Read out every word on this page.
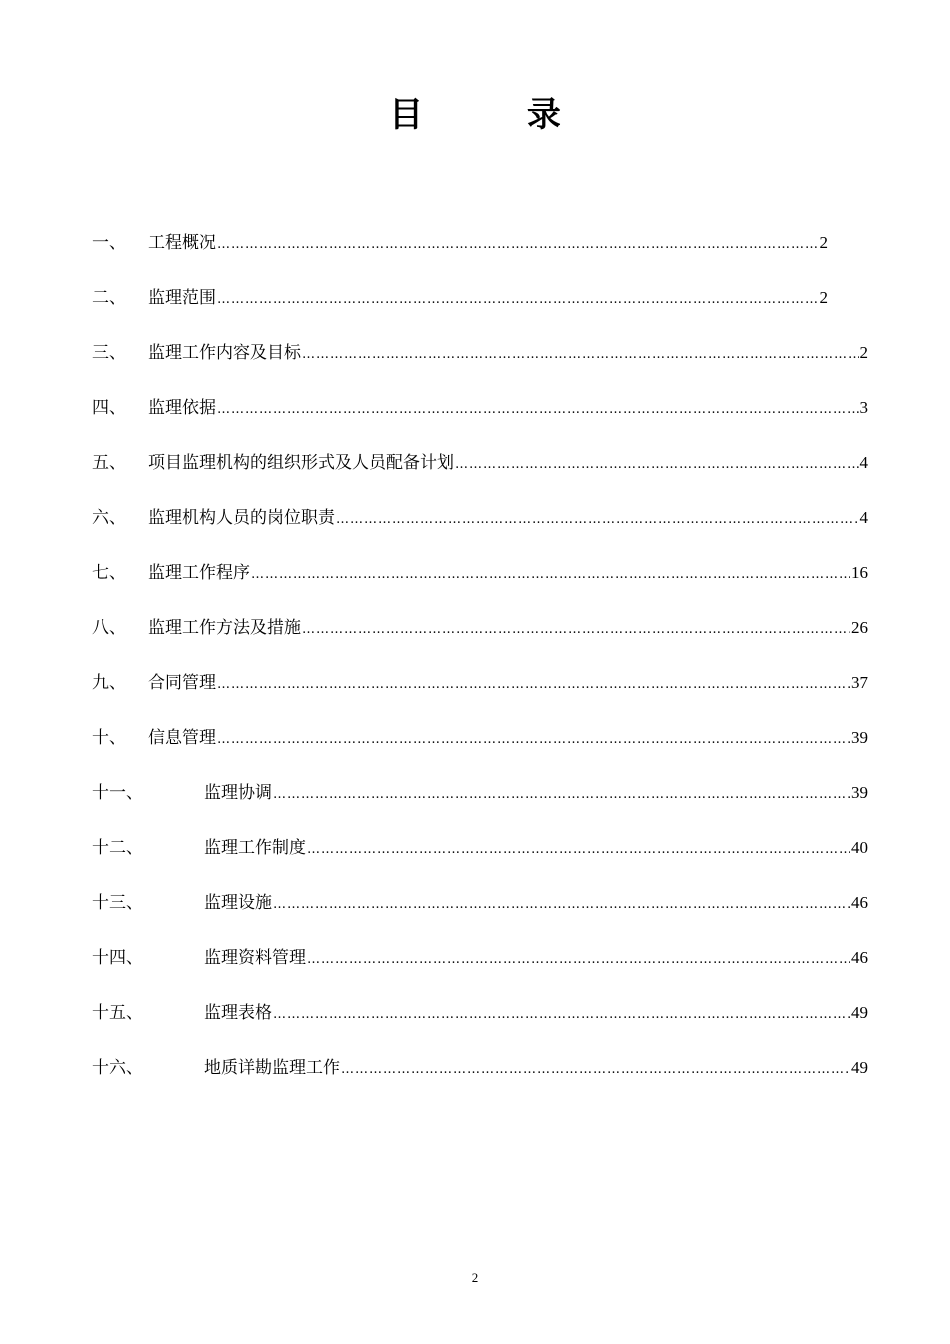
目 录
一、	工程概况 ………………………………………………………………………………………………………………………………………………………………………………	2
二、	监理范围 ………………………………………………………………………………………………………………………………………………………………………………	2
三、	监理工作内容及目标 ………………………………………………………………………………………………………………………………………………………………………………	2
四、	监理依据 ………………………………………………………………………………………………………………………………………………………………………………	3
五、	项目监理机构的组织形式及人员配备计划 ………………………………………………………………………………………………………………………………………………………………………………	4
六、	监理机构人员的岗位职责 ………………………………………………………………………………………………………………………………………………………………………………	4
七、	监理工作程序 ………………………………………………………………………………………………………………………………………………………………………………	16
八、	监理工作方法及措施 ………………………………………………………………………………………………………………………………………………………………………………	26
九、	合同管理 ………………………………………………………………………………………………………………………………………………………………………………	37
十、	信息管理 ………………………………………………………………………………………………………………………………………………………………………………	39
十一、	监理协调 ………………………………………………………………………………………………………………………………………………………………………………	39
十二、	监理工作制度 ………………………………………………………………………………………………………………………………………………………………………………	40
十三、	监理设施 ………………………………………………………………………………………………………………………………………………………………………………	46
十四、	监理资料管理 ………………………………………………………………………………………………………………………………………………………………………………	46
十五、	监理表格 ………………………………………………………………………………………………………………………………………………………………………………	49
十六、	地质详勘监理工作 ………………………………………………………………………………………………………………………………………………………………………………	49
2
